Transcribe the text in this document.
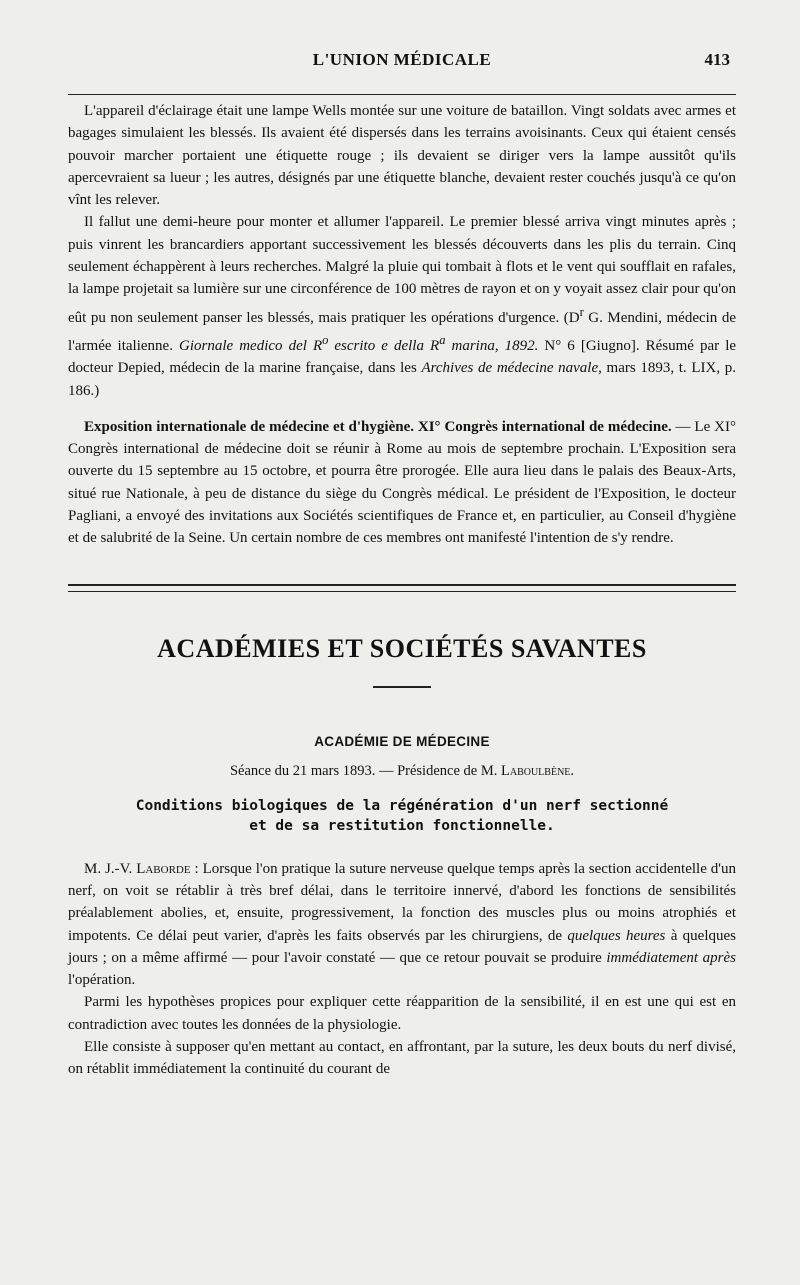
L'UNION MÉDICALE	413

L'appareil d'éclairage était une lampe Wells montée sur une voiture de bataillon. Vingt soldats avec armes et bagages simulaient les blessés. Ils avaient été dispersés dans les terrains avoisinants. Ceux qui étaient censés pouvoir marcher portaient une étiquette rouge ; ils devaient se diriger vers la lampe aussitôt qu'ils apercevraient sa lueur ; les autres, désignés par une étiquette blanche, devaient rester couchés jusqu'à ce qu'on vînt les relever.

Il fallut une demi-heure pour monter et allumer l'appareil. Le premier blessé arriva vingt minutes après ; puis vinrent les brancardiers apportant successivement les blessés découverts dans les plis du terrain. Cinq seulement échappèrent à leurs recherches. Malgré la pluie qui tombait à flots et le vent qui soufflait en rafales, la lampe projetait sa lumière sur une circonférence de 100 mètres de rayon et on y voyait assez clair pour qu'on eût pu non seulement panser les blessés, mais pratiquer les opérations d'urgence. ($D^r$ G. Mendini, médecin de l'armée italienne. Giornale medico del $R^o$ escrito e della $R^a$ marina, 1892. N° 6 [Giugno]. Résumé par le docteur Depied, médecin de la marine française, dans les Archives de médecine navale, mars 1893, t. LIX, p. 186.)

Exposition internationale de médecine et d'hygiène. XI° Congrès international de médecine. — Le XI° Congrès international de médecine doit se réunir à Rome au mois de septembre prochain. L'Exposition sera ouverte du 15 septembre au 15 octobre, et pourra être prorogée. Elle aura lieu dans le palais des Beaux-Arts, situé rue Nationale, à peu de distance du siège du Congrès médical. Le président de l'Exposition, le docteur Pagliani, a envoyé des invitations aux Sociétés scientifiques de France et, en particulier, au Conseil d'hygiène et de salubrité de la Seine. Un certain nombre de ces membres ont manifesté l'intention de s'y rendre.

ACADÉMIES ET SOCIÉTÉS SAVANTES
ACADÉMIE DE MÉDECINE
Séance du 21 mars 1893. — Présidence de M. Laboulbène.
Conditions biologiques de la régénération d'un nerf sectionné
et de sa restitution fonctionnelle.

M. J.-V. Laborde : Lorsque l'on pratique la suture nerveuse quelque temps après la section accidentelle d'un nerf, on voit se rétablir à très bref délai, dans le territoire innervé, d'abord les fonctions de sensibilités préalablement abolies, et, ensuite, progressivement, la fonction des muscles plus ou moins atrophiés et impotents. Ce délai peut varier, d'après les faits observés par les chirurgiens, de quelques heures à quelques jours ; on a même affirmé — pour l'avoir constaté — que ce retour pouvait se produire immédiatement après l'opération.

Parmi les hypothèses propices pour expliquer cette réapparition de la sensibilité, il en est une qui est en contradiction avec toutes les données de la physiologie.

Elle consiste à supposer qu'en mettant au contact, en affrontant, par la suture, les deux bouts du nerf divisé, on rétablit immédiatement la continuité du courant de
